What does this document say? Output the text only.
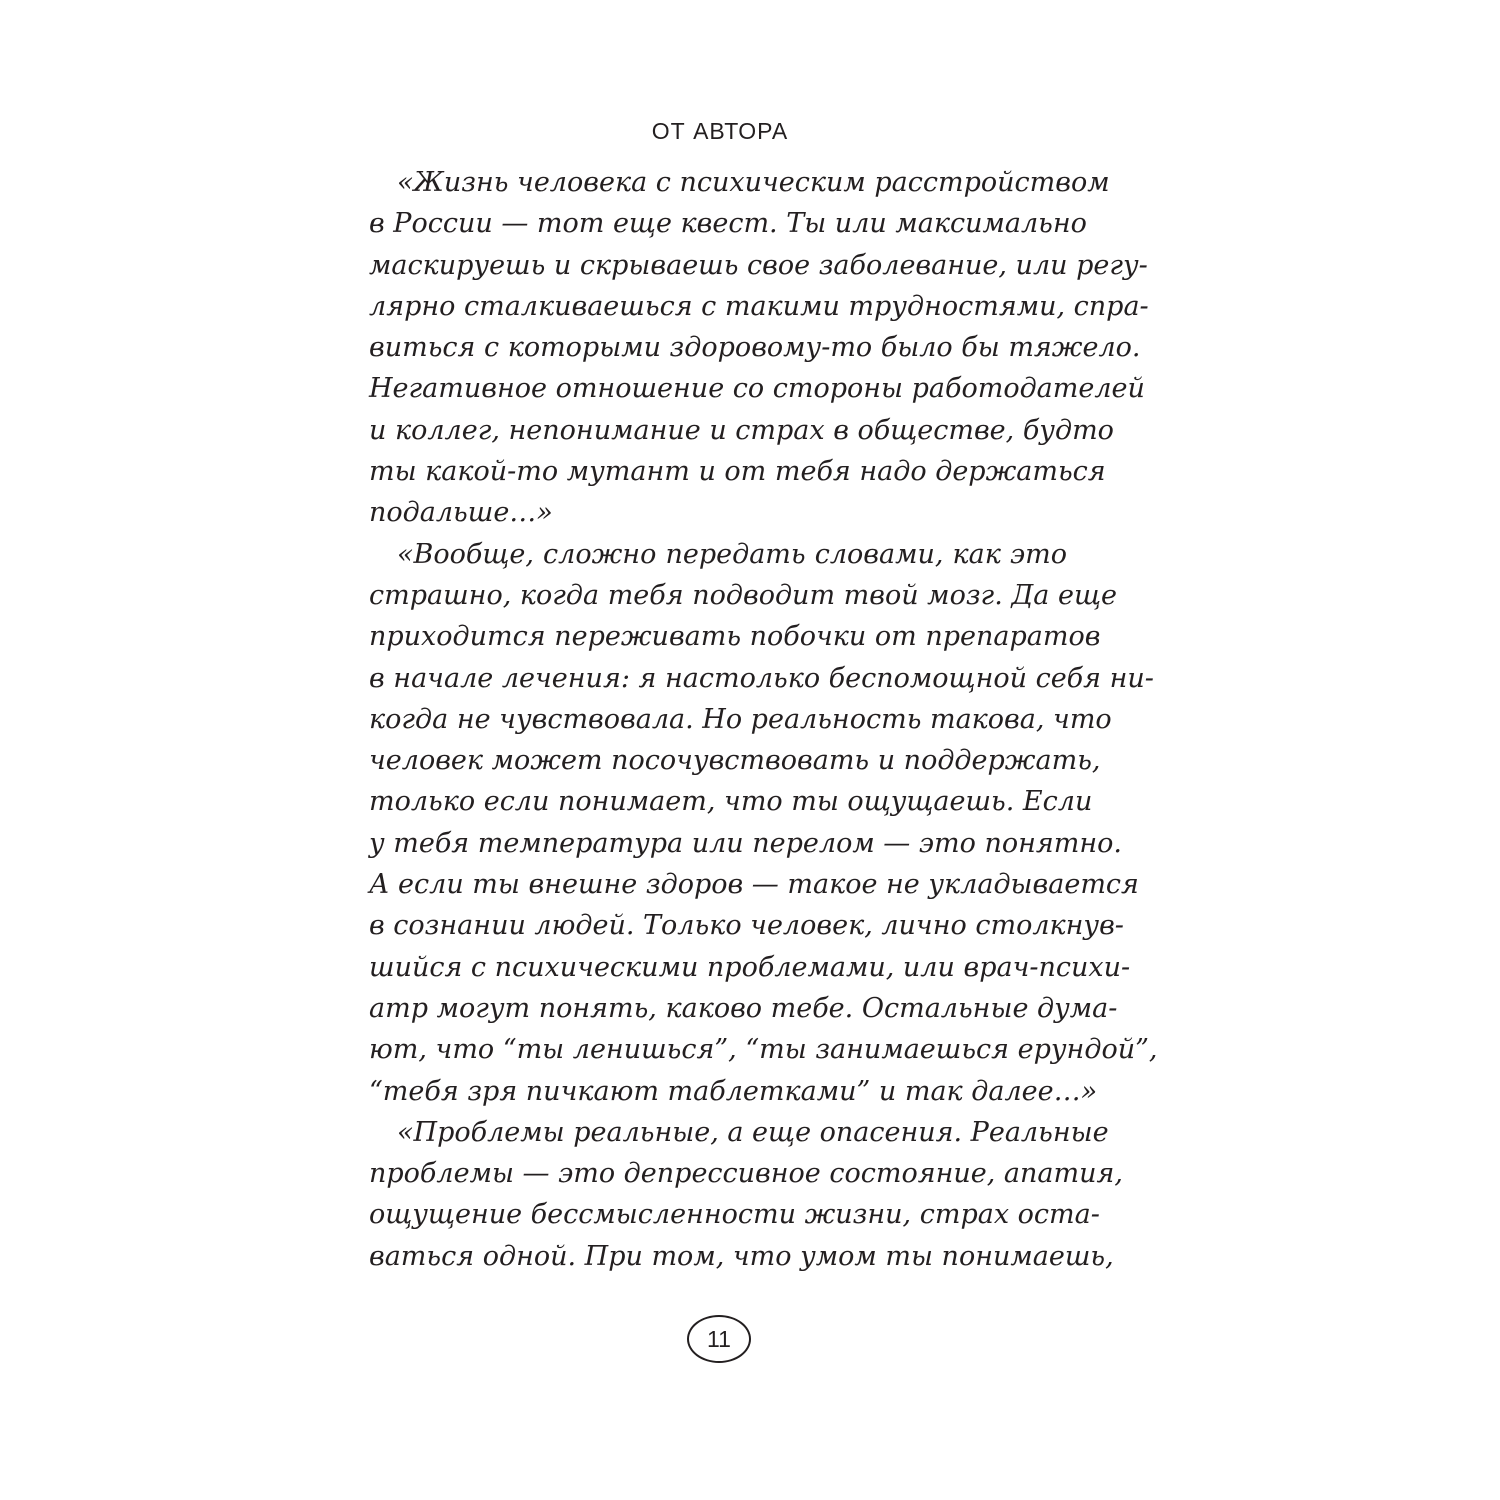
ОТ АВТОРА
«Жизнь человека с психическим расстройством
в России — тот еще квест. Ты или максимально
маскируешь и скрываешь свое заболевание, или регу-
лярно сталкиваешься с такими трудностями, спра-
виться с которыми здоровому-то было бы тяжело.
Негативное отношение со стороны работодателей
и коллег, непонимание и страх в обществе, будто
ты какой-то мутант и от тебя надо держаться
подальше…»
«Вообще, сложно передать словами, как это
страшно, когда тебя подводит твой мозг. Да еще
приходится переживать побочки от препаратов
в начале лечения: я настолько беспомощной себя ни-
когда не чувствовала. Но реальность такова, что
человек может посочувствовать и поддержать,
только если понимает, что ты ощущаешь. Если
у тебя температура или перелом — это понятно.
А если ты внешне здоров — такое не укладывается
в сознании людей. Только человек, лично столкнув-
шийся с психическими проблемами, или врач-психи-
атр могут понять, каково тебе. Остальные дума-
ют, что “ты ленишься”, “ты занимаешься ерундой”,
“тебя зря пичкают таблетками” и так далее…»
«Проблемы реальные, а еще опасения. Реальные
проблемы — это депрессивное состояние, апатия,
ощущение бессмысленности жизни, страх оста-
ваться одной. При том, что умом ты понимаешь,
11
